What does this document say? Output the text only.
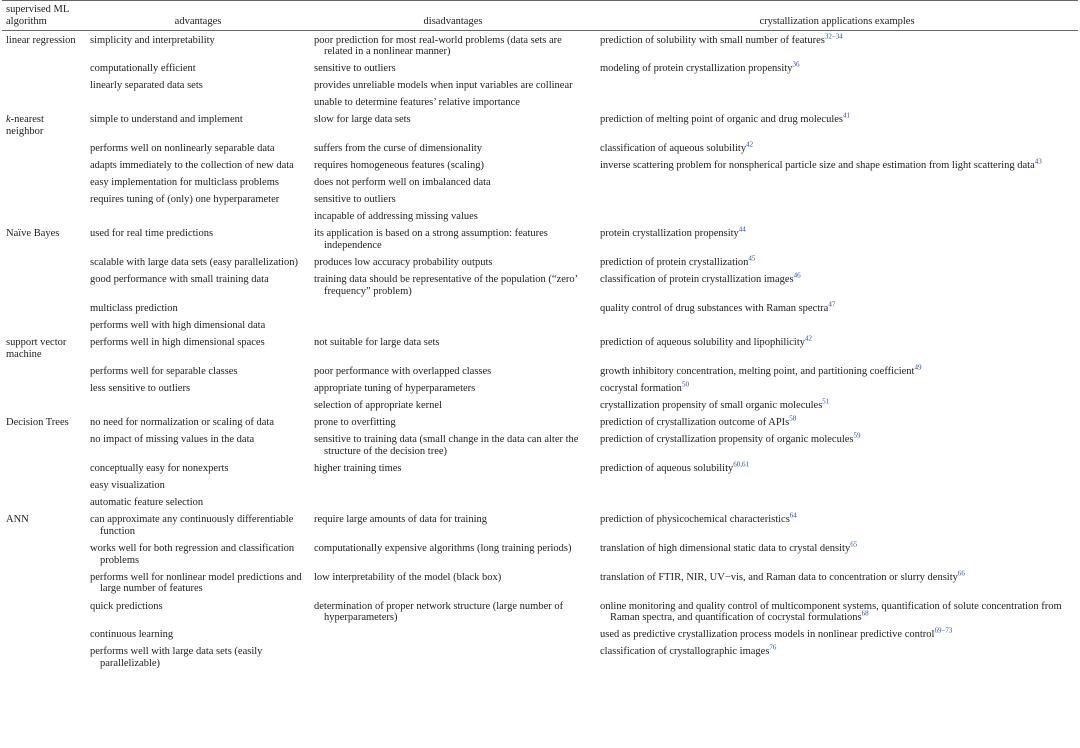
supervised ML algorithm	advantages	disadvantages	crystallization applications examples
linear regression	simplicity and interpretability	poor prediction for most real-world problems (data sets are related in a nonlinear manner)	prediction of solubility with small number of features$^{32-34}$

	computationally efficient	sensitive to outliers	modeling of protein crystallization propensity$^{36}$

	linearly separated data sets	provides unreliable models when input variables are collinear	

		unable to determine features’ relative importance	

k-nearest neighbor	simple to understand and implement	slow for large data sets	prediction of melting point of organic and drug molecules$^{41}$

	performs well on nonlinearly separable data	suffers from the curse of dimensionality	classification of aqueous solubility$^{42}$

	adapts immediately to the collection of new data	requires homogeneous features (scaling)	inverse scattering problem for nonspherical particle size and shape estimation from light scattering data$^{43}$

	easy implementation for multiclass problems	does not perform well on imbalanced data	

	requires tuning of (only) one hyperparameter	sensitive to outliers	

		incapable of addressing missing values	

Naïve Bayes	used for real time predictions	its application is based on a strong assumption: features independence	protein crystallization propensity$^{44}$

	scalable with large data sets (easy parallelization)	produces low accuracy probability outputs	prediction of protein crystallization$^{45}$

	good performance with small training data	training data should be representative of the population (“zero’ frequency” problem)	classification of protein crystallization images$^{46}$

	multiclass prediction		quality control of drug substances with Raman spectra$^{47}$

	performs well with high dimensional data		

support vector machine	performs well in high dimensional spaces	not suitable for large data sets	prediction of aqueous solubility and lipophilicity$^{42}$

	performs well for separable classes	poor performance with overlapped classes	growth inhibitory concentration, melting point, and partitioning coefficient$^{49}$

	less sensitive to outliers	appropriate tuning of hyperparameters	cocrystal formation$^{50}$

		selection of appropriate kernel	crystallization propensity of small organic molecules$^{51}$

Decision Trees	no need for normalization or scaling of data	prone to overfitting	prediction of crystallization outcome of APIs$^{58}$

	no impact of missing values in the data	sensitive to training data (small change in the data can alter the structure of the decision tree)	prediction of crystallization propensity of organic molecules$^{59}$

	conceptually easy for nonexperts	higher training times	prediction of aqueous solubility$^{60,61}$

	easy visualization		

	automatic feature selection		

ANN	can approximate any continuously differentiable function	require large amounts of data for training	prediction of physicochemical characteristics$^{64}$

	works well for both regression and classification problems	computationally expensive algorithms (long training periods)	translation of high dimensional static data to crystal density$^{65}$

	performs well for nonlinear model predictions and large number of features	low interpretability of the model (black box)	translation of FTIR, NIR, UV−vis, and Raman data to concentration or slurry density$^{66}$

	quick predictions	determination of proper network structure (large number of hyperparameters)	online monitoring and quality control of multicomponent systems, quantification of solute concentration from Raman spectra, and quantification of cocrystal formulations$^{68}$

	continuous learning		used as predictive crystallization process models in nonlinear predictive control$^{69-73}$

	performs well with large data sets (easily parallelizable)		classification of crystallographic images$^{76}$
